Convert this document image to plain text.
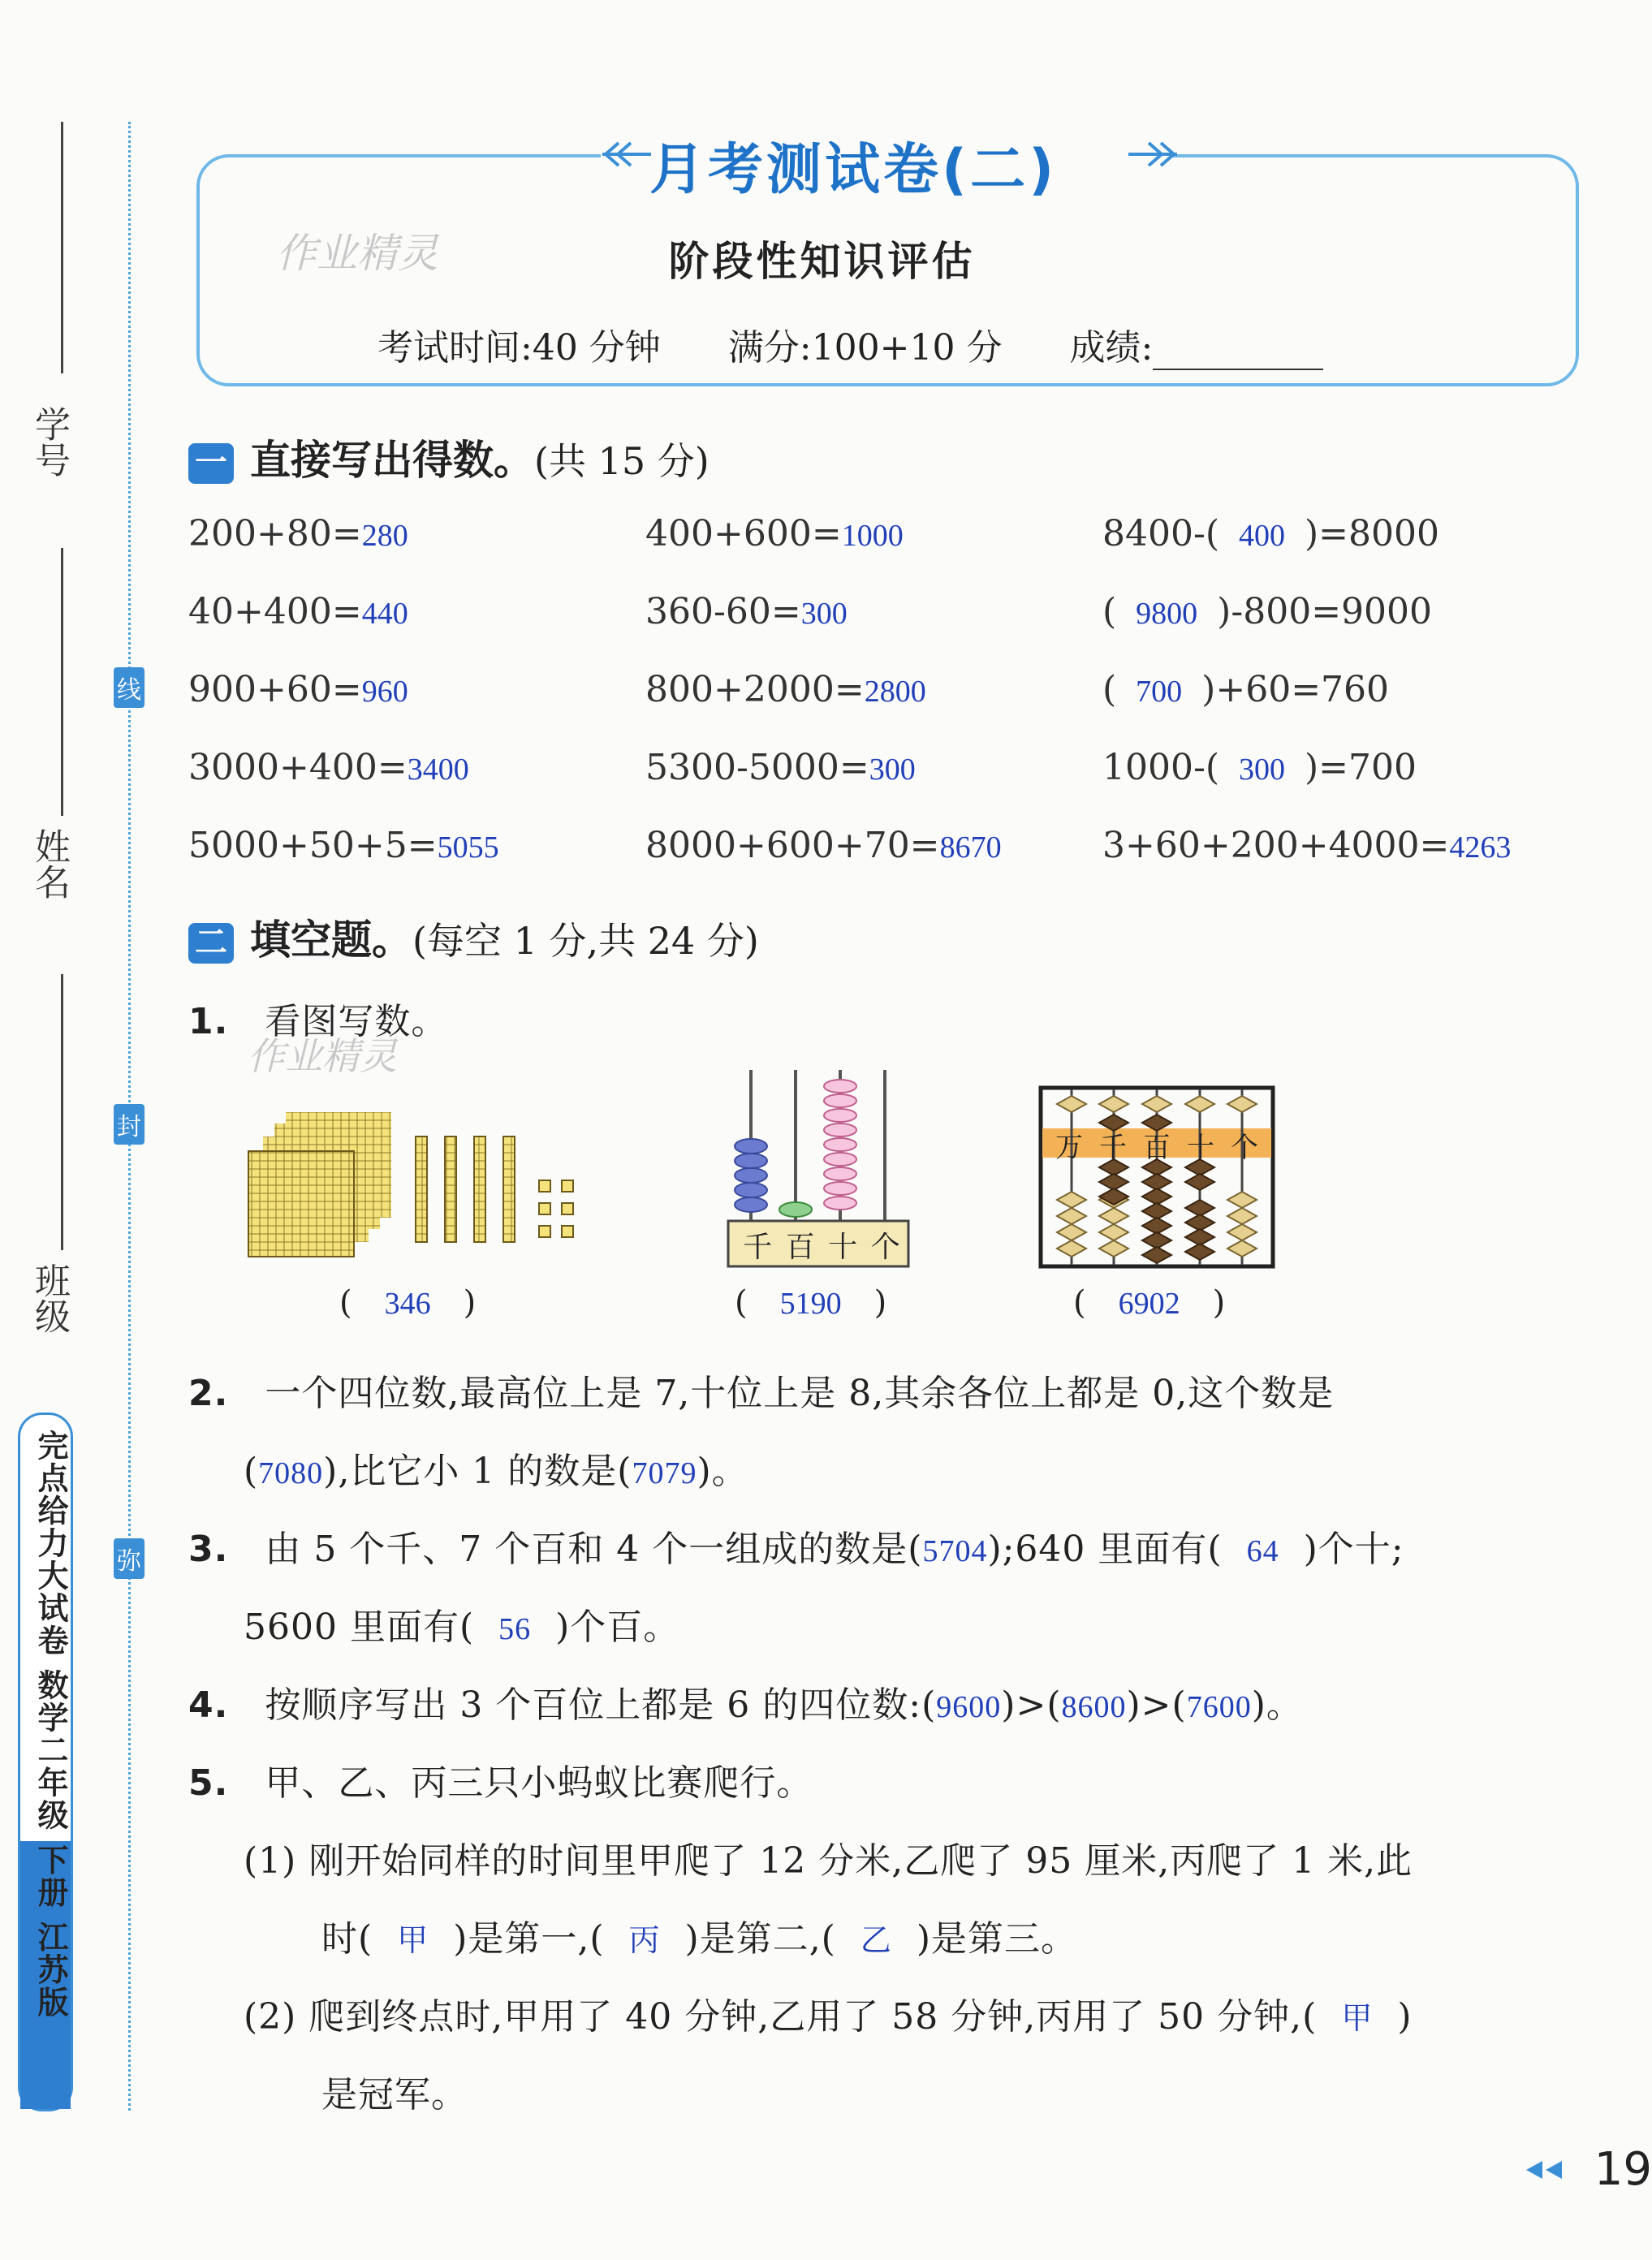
学号
姓名
班级
线
封
弥
完点给力大试卷 数学二年级 下册 江苏版
月考测试卷(二)
作业精灵	阶段性知识评估
考试时间:40 分钟 满分:100+10 分 成绩:
一 直接写出得数。(共 15 分)
200+80=280	400+600=1000	8400-( 400 )=8000
40+400=440	360-60=300	( 9800 )-800=9000
900+60=960	800+2000=2800	( 700 )+60=760
3000+400=3400	5300-5000=300	1000-( 300 )=700
5000+50+5=5055	8000+600+70=8670	3+60+200+4000=4263
二 填空题。(每空 1 分,共 24 分)
1. 看图写数。
作业精灵
( 346 )
千 百 十 个
( 5190 )
万 千 百 十 个
( 6902 )
2. 一个四位数,最高位上是 7,十位上是 8,其余各位上都是 0,这个数是
(7080),比它小 1 的数是(7079)。
3. 由 5 个千、7 个百和 4 个一组成的数是(5704);640 里面有( 64 )个十;
5600 里面有( 56 )个百。
4. 按顺序写出 3 个百位上都是 6 的四位数:(9600)>(8600)>(7600)。
5. 甲、乙、丙三只小蚂蚁比赛爬行。
(1) 刚开始同样的时间里甲爬了 12 分米,乙爬了 95 厘米,丙爬了 1 米,此
时( 甲 )是第一,( 丙 )是第二,( 乙 )是第三。
(2) 爬到终点时,甲用了 40 分钟,乙用了 58 分钟,丙用了 50 分钟,( 甲 )
是冠军。
19
